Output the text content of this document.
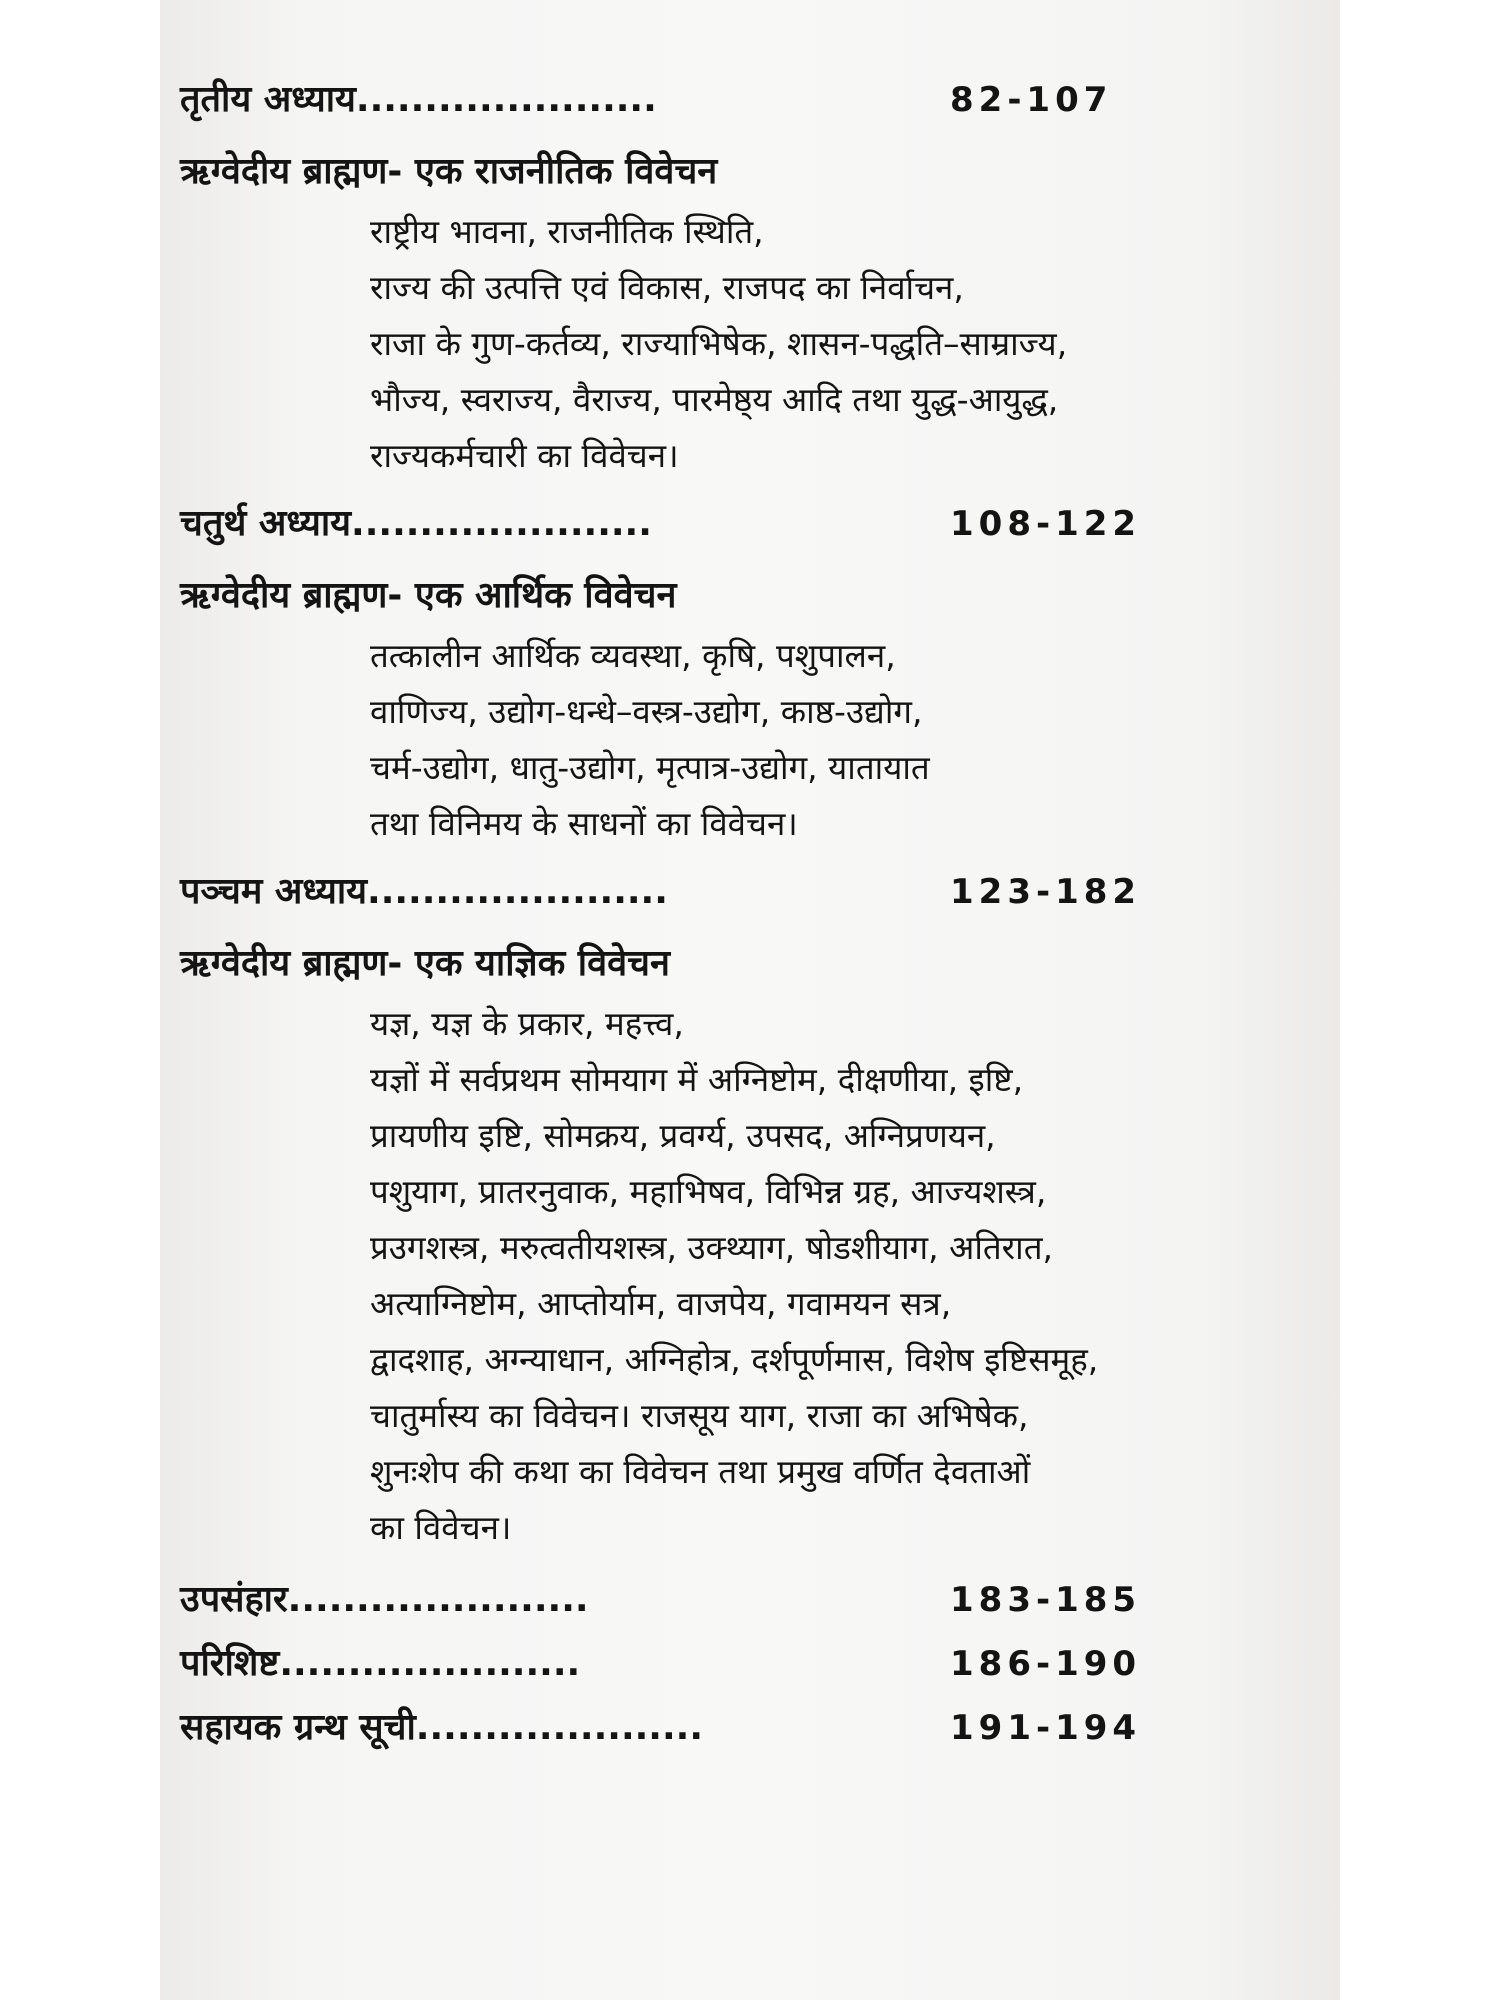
तृतीय अध्याय......................	82-107
ऋग्वेदीय ब्राह्मण- एक राजनीतिक विवेचन
राष्ट्रीय भावना, राजनीतिक स्थिति,
राज्य की उत्पत्ति एवं विकास, राजपद का निर्वाचन,
राजा के गुण-कर्तव्य, राज्याभिषेक, शासन-पद्धति–साम्राज्य,
भौज्य, स्वराज्य, वैराज्य, पारमेष्ठ्य आदि तथा युद्ध-आयुद्ध,
राज्यकर्मचारी का विवेचन।
चतुर्थ अध्याय......................	108-122
ऋग्वेदीय ब्राह्मण- एक आर्थिक विवेचन
तत्कालीन आर्थिक व्यवस्था, कृषि, पशुपालन,
वाणिज्य, उद्योग-धन्धे–वस्त्र-उद्योग, काष्ठ-उद्योग,
चर्म-उद्योग, धातु-उद्योग, मृत्पात्र-उद्योग, यातायात
तथा विनिमय के साधनों का विवेचन।
पञ्चम अध्याय......................	123-182
ऋग्वेदीय ब्राह्मण- एक याज्ञिक विवेचन
यज्ञ, यज्ञ के प्रकार, महत्त्व,
यज्ञों में सर्वप्रथम सोमयाग में अग्निष्टोम, दीक्षणीया, इष्टि,
प्रायणीय इष्टि, सोमक्रय, प्रवर्ग्य, उपसद, अग्निप्रणयन,
पशुयाग, प्रातरनुवाक, महाभिषव, विभिन्न ग्रह, आज्यशस्त्र,
प्रउगशस्त्र, मरुत्वतीयशस्त्र, उक्थ्याग, षोडशीयाग, अतिरात,
अत्याग्निष्टोम, आप्तोर्याम, वाजपेय, गवामयन सत्र,
द्वादशाह, अग्न्याधान, अग्निहोत्र, दर्शपूर्णमास, विशेष इष्टिसमूह,
चातुर्मास्य का विवेचन। राजसूय याग, राजा का अभिषेक,
शुनःशेप की कथा का विवेचन तथा प्रमुख वर्णित देवताओं
का विवेचन।
उपसंहार......................	183-185
परिशिष्ट......................	186-190
सहायक ग्रन्थ सूची.....................	191-194
